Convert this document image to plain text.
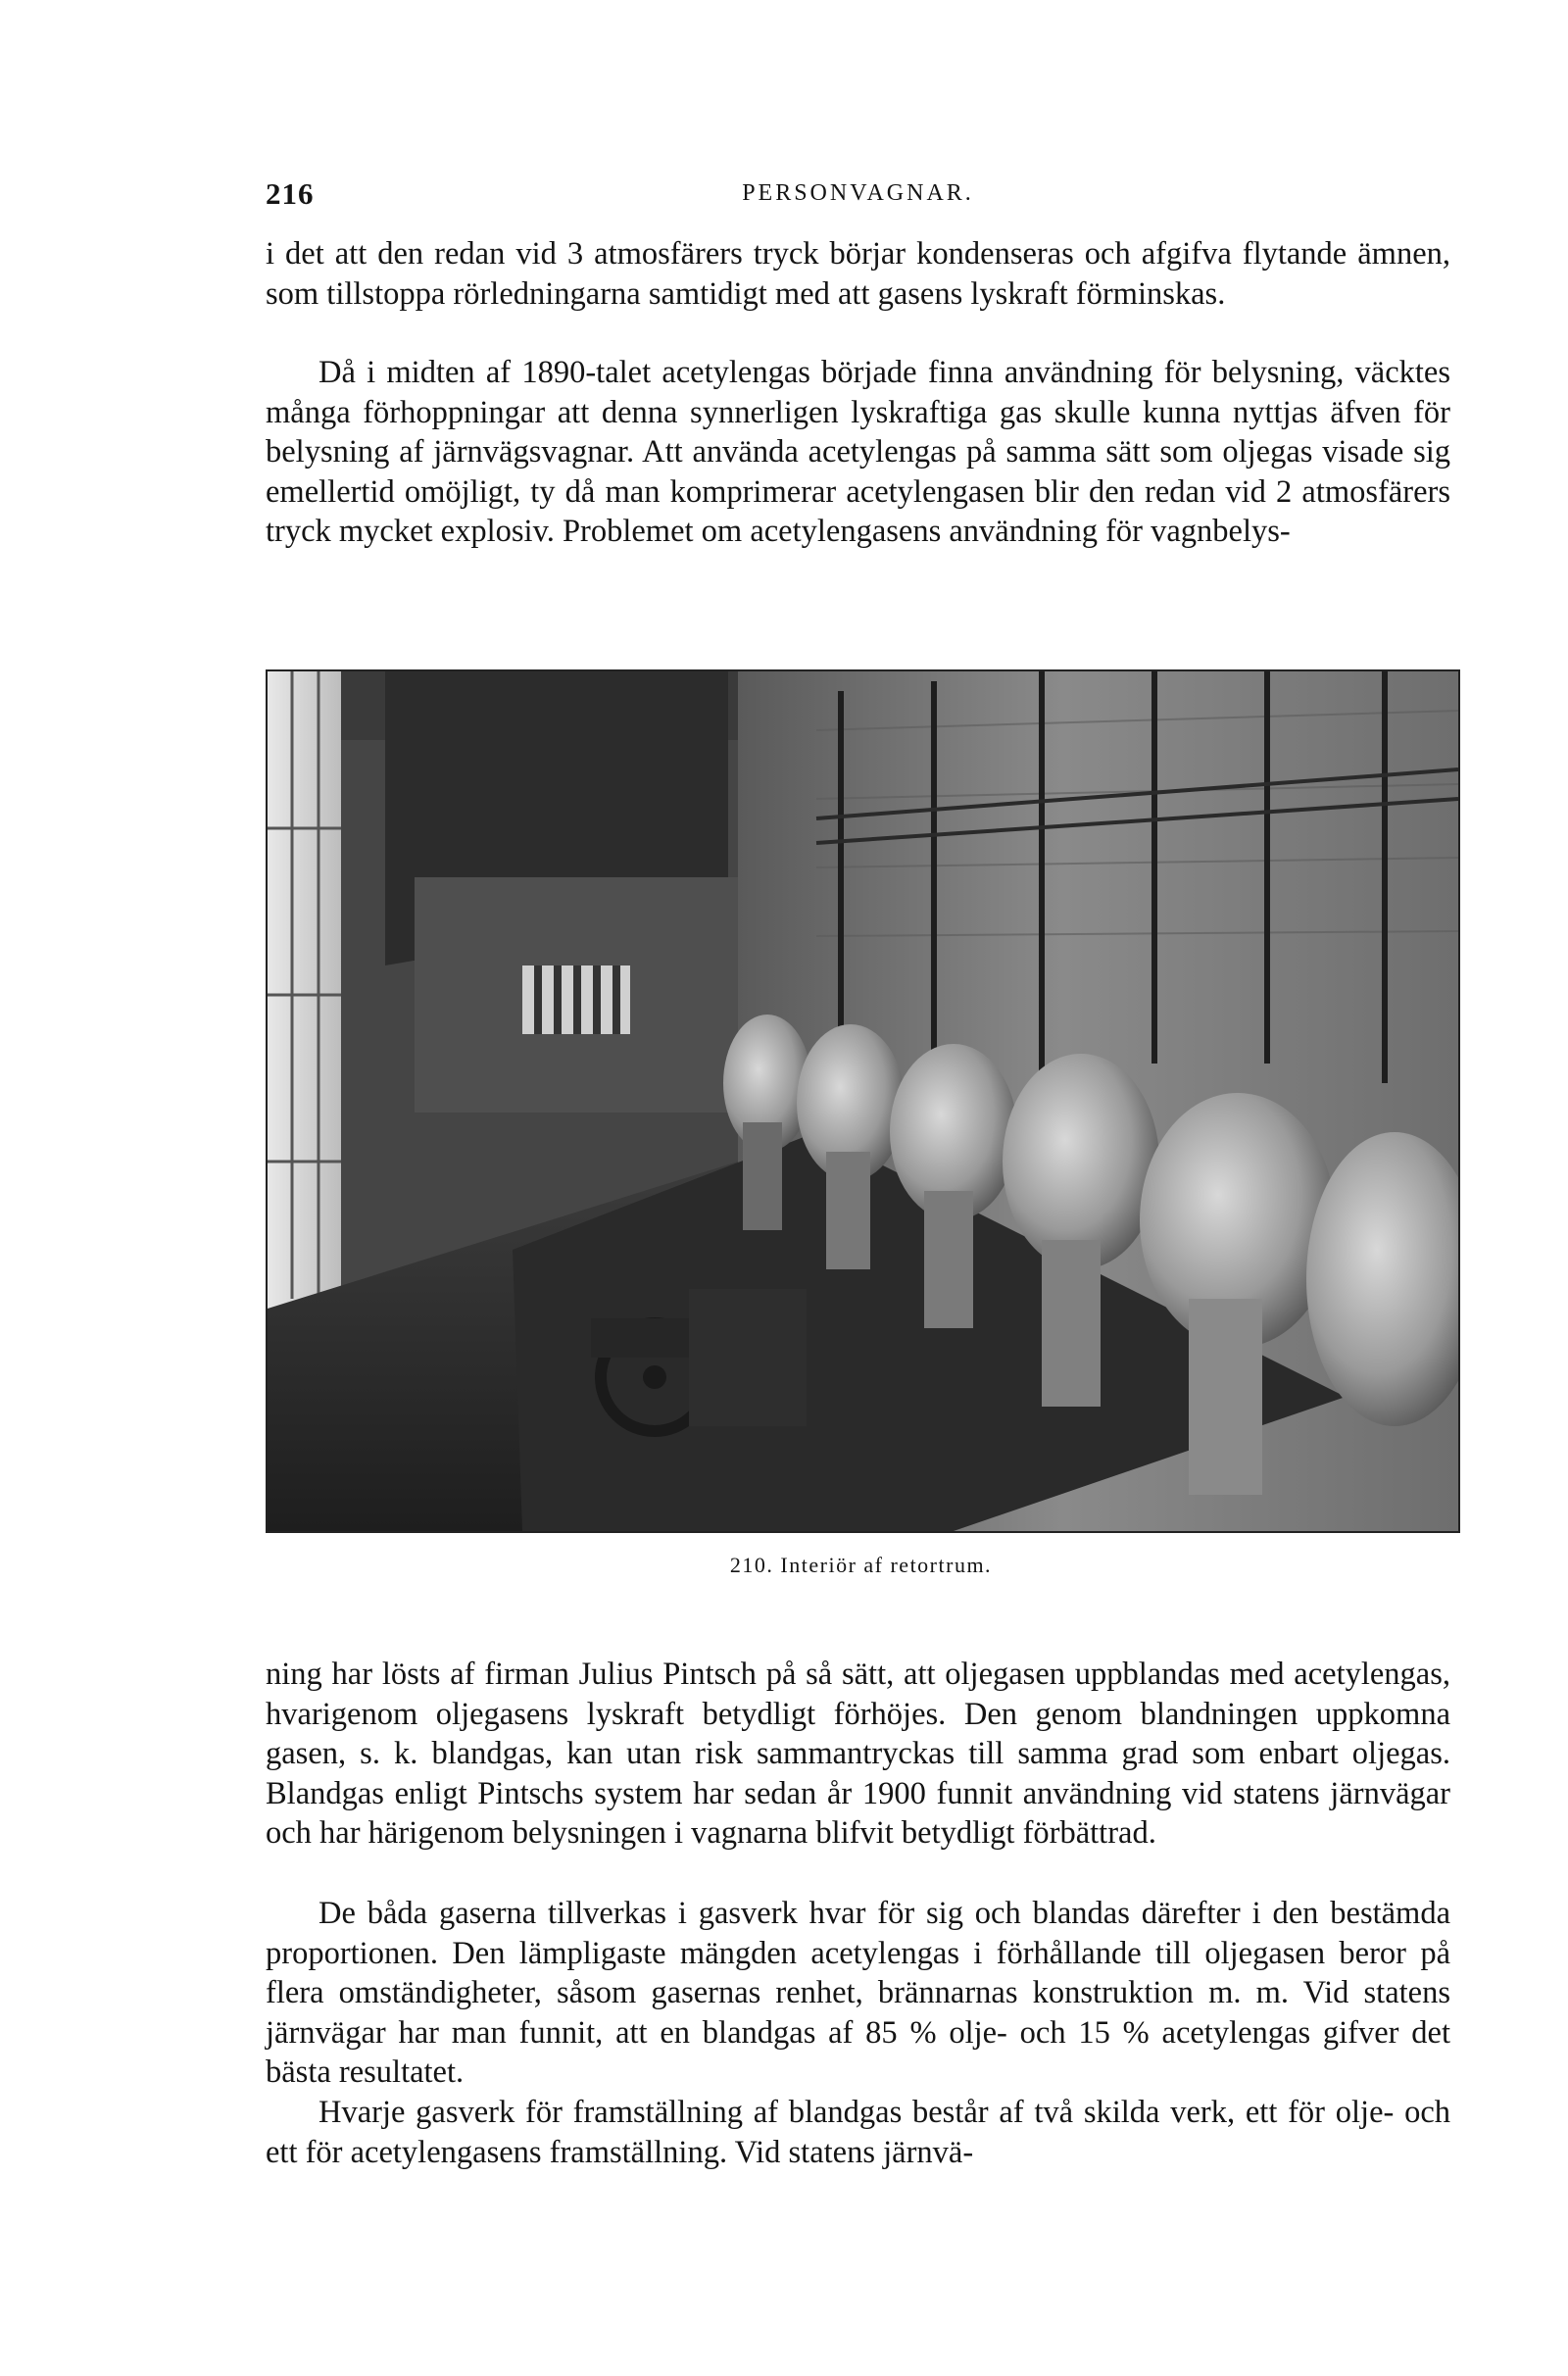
216	PERSONVAGNAR.

i det att den redan vid 3 atmosfärers tryck börjar kondenseras och afgifva flytande ämnen, som tillstoppa rörledningarna samtidigt med att gasens lyskraft förminskas.

Då i midten af 1890-talet acetylengas började finna användning för belysning, väcktes många förhoppningar att denna synnerligen lyskraftiga gas skulle kunna nyttjas äfven för belysning af järnvägsvagnar. Att använda acetylengas på samma sätt som oljegas visade sig emellertid omöjligt, ty då man komprimerar acetylengasen blir den redan vid 2 atmosfärers tryck mycket explosiv. Problemet om acetylengasens användning för vagnbelys-

210. Interiör af retortrum.

ning har lösts af firman Julius Pintsch på så sätt, att oljegasen uppblandas med acetylengas, hvarigenom oljegasens lyskraft betydligt förhöjes. Den genom blandningen uppkomna gasen, s. k. blandgas, kan utan risk sammantryckas till samma grad som enbart oljegas. Blandgas enligt Pintschs system har sedan år 1900 funnit användning vid statens järnvägar och har härigenom belysningen i vagnarna blifvit betydligt förbättrad.

De båda gaserna tillverkas i gasverk hvar för sig och blandas därefter i den bestämda proportionen. Den lämpligaste mängden acetylengas i förhållande till oljegasen beror på flera omständigheter, såsom gasernas renhet, brännarnas konstruktion m. m. Vid statens järnvägar har man funnit, att en blandgas af 85 % olje- och 15 % acetylengas gifver det bästa resultatet.

Hvarje gasverk för framställning af blandgas består af två skilda verk, ett för olje- och ett för acetylengasens framställning. Vid statens järnvä-
